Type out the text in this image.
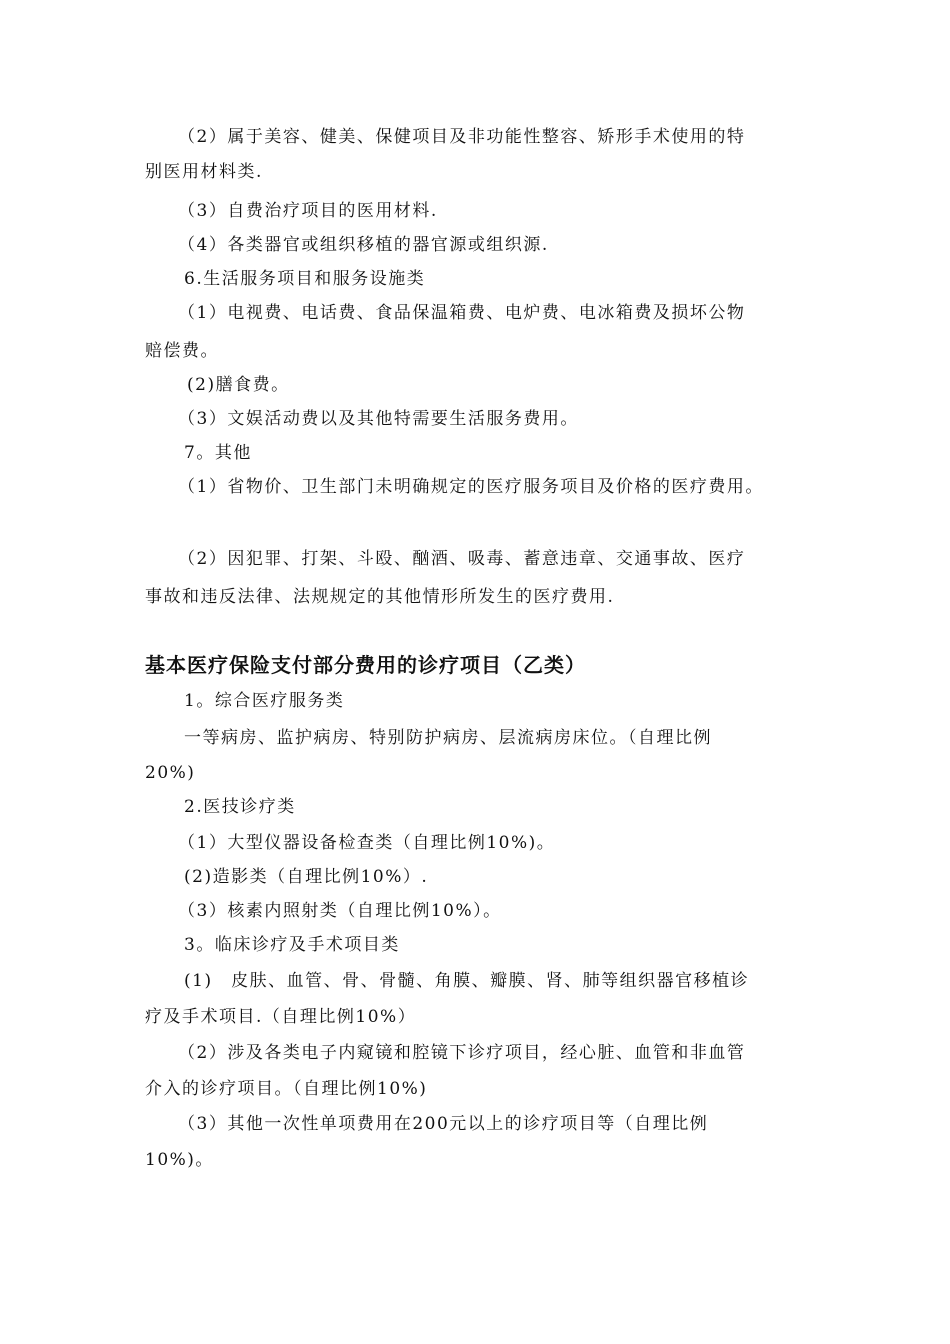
（2）属于美容、健美、保健项目及非功能性整容、矫形手术使用的特
别医用材料类.
（3）自费治疗项目的医用材料.
（4）各类器官或组织移植的器官源或组织源.
6.生活服务项目和服务设施类
（1）电视费、电话费、食品保温箱费、电炉费、电冰箱费及损坏公物
赔偿费。
(2)膳食费。
（3）文娱活动费以及其他特需要生活服务费用。
7。其他
（1）省物价、卫生部门未明确规定的医疗服务项目及价格的医疗费用。
（2）因犯罪、打架、斗殴、酗酒、吸毒、蓄意违章、交通事故、医疗
事故和违反法律、法规规定的其他情形所发生的医疗费用.
基本医疗保险支付部分费用的诊疗项目（乙类）
1。综合医疗服务类
一等病房、监护病房、特别防护病房、层流病房床位。（自理比例
20%)
2.医技诊疗类
（1）大型仪器设备检查类（自理比例10%)。
(2)造影类（自理比例10%）.
（3）核素内照射类（自理比例10%）。
3。临床诊疗及手术项目类
(1)　皮肤、血管、骨、骨髓、角膜、瓣膜、肾、肺等组织器官移植诊
疗及手术项目.（自理比例10%）
（2）涉及各类电子内窥镜和腔镜下诊疗项目，经心脏、血管和非血管
介入的诊疗项目。（自理比例10%)
（3）其他一次性单项费用在200元以上的诊疗项目等（自理比例
10%)。
